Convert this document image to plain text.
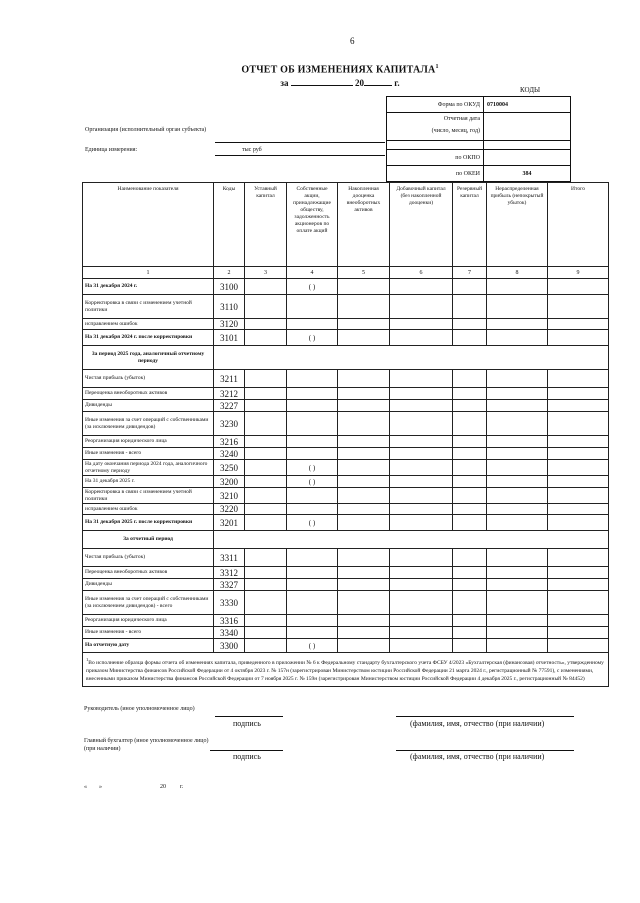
6
ОТЧЕТ ОБ ИЗМЕНЕНИЯХ КАПИТАЛА$^1$
за	20	г.
КОДЫ
Форма по ОКУД	0710004
Отчетная дата

(число, месяц, год)	

по ОКПО	
по ОКЕИ	384
Организация (исполнительный орган субъекта)
Единица измерения:	тыс руб
Наименование показателя	Коды	Уставный капитал	Собственные акции, принадлежащие обществу, задолженность акционеров по оплате акций	Накопленная дооценка внеоборотных активов	Добавочный капитал (без накопленной дооценки)	Резервный капитал	Нераспределенная прибыль (непокрытый убыток)	Итого
1	2	3	4	5	6	7	8	9
На 31 декабря 2024 г.	3100		( )					
Корректировка в связи с изменением учетной политики	3110							
исправлением ошибок	3120							
На 31 декабря 2024 г. после корректировки	3101		( )					
За период 2025 года, аналогичный отчетному периоду								
Чистая прибыль (убыток)	3211							
Переоценка внеоборотных активов	3212							
Дивиденды	3227							
Иные изменения за счет операций с собственниками (за исключением дивидендов)	3230							
Реорганизация юридического лица	3216							
Иные изменения - всего	3240							
На дату окончания периода 2024 года, аналогичного отчетному периоду	3250		( )					
На 31 декабря 2025 г.	3200		( )					
Корректировка в связи с изменением учетной политики	3210							
исправлением ошибок	3220							
На 31 декабря 2025 г. после корректировки	3201		( )					
За отчетный период								
Чистая прибыль (убыток)	3311							
Переоценка внеоборотных активов	3312							
Дивиденды	3327							
Иные изменения за счет операций с собственниками (за исключением дивидендов) - всего	3330							
Реорганизация юридического лица	3316							
Иные изменения - всего	3340							
На отчетную дату	3300		( )					
$^1$Во исполнение образца формы отчета об изменениях капитала, приведенного в приложении № 6 к Федеральному стандарту бухгалтерского учета ФСБУ 4/2023 «Бухгалтерская (финансовая) отчетность», утвержденному приказом Министерства финансов Российской Федерации от 4 октября 2023 г. № 157н (зарегистрирован Министерством юстиции Российской Федерации 21 марта 2024 г., регистрационный № 77591), с изменениями, внесенными приказом Министерства финансов Российской Федерации от 7 ноября 2025 г. № 159н (зарегистрирован Министерством юстиции Российской Федерации 4 декабря 2025 г., регистрационный № 84452)								
Руководитель (иное уполномоченное лицо)
подпись	(фамилия, имя, отчество (при наличии)
Главный бухгалтер (иное уполномоченное лицо) (при наличии)
подпись	(фамилия, имя, отчество (при наличии)
« »	20 г.
